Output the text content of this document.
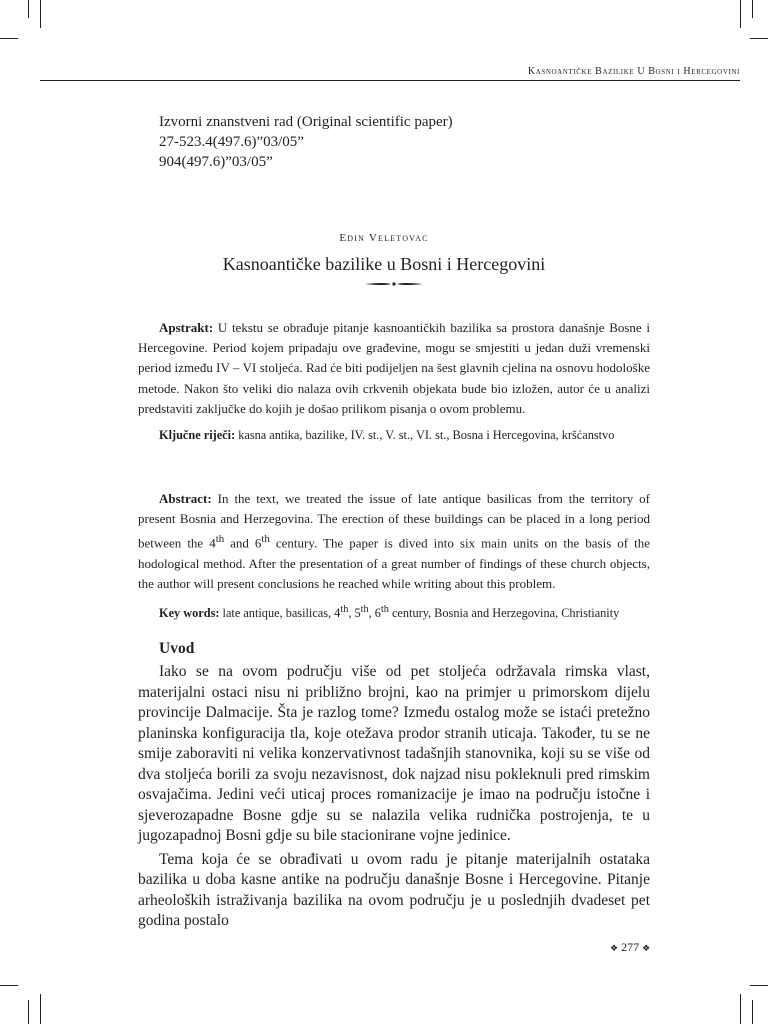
Kasnoantičke Bazilike U Bosni i Hercegovini
Izvorni znanstveni rad (Original scientific paper)
27-523.4(497.6)”03/05”
904(497.6)”03/05”
Edin Veletovac
Kasnoantičke bazilike u Bosni i Hercegovini

Apstrakt: U tekstu se obrađuje pitanje kasnoantičkih bazilika sa prostora današnje Bosne i Hercegovine. Period kojem pripadaju ove građevine, mogu se smjestiti u jedan duži vremenski period između IV – VI stoljeća. Rad će biti podijeljen na šest glavnih cjelina na osnovu hodološke metode. Nakon što veliki dio nalaza ovih crkvenih objekata bude bio izložen, autor će u analizi predstaviti zaključke do kojih je došao prilikom pisanja o ovom problemu.

Ključne riječi: kasna antika, bazilike, IV. st., V. st., VI. st., Bosna i Hercegovina, kršćanstvo

Abstract: In the text, we treated the issue of late antique basilicas from the territory of present Bosnia and Herzegovina. The erection of these buildings can be placed in a long period between the 4th and 6th century. The paper is dived into six main units on the basis of the hodological method. After the presentation of a great number of findings of these church objects, the author will present conclusions he reached while writing about this problem.

Key words: late antique, basilicas, 4th, 5th, 6th century, Bosnia and Herzegovina, Christianity

Uvod

Iako se na ovom području više od pet stoljeća održavala rimska vlast, materijalni ostaci nisu ni približno brojni, kao na primjer u primorskom dijelu provincije Dalmacije. Šta je razlog tome? Između ostalog može se istaći pretežno planinska konfiguracija tla, koje otežava prodor stranih uticaja. Također, tu se ne smije zaboraviti ni velika konzervativnost tadašnjih stanovnika, koji su se više od dva stoljeća borili za svoju nezavisnost, dok najzad nisu pokleknuli pred rimskim osvajačima. Jedini veći uticaj proces romanizacije je imao na području istočne i sjeverozapadne Bosne gdje su se nalazila velika rudnička postrojenja, te u jugozapadnoj Bosni gdje su bile stacionirane vojne jedinice.

Tema koja će se obrađivati u ovom radu je pitanje materijalnih ostataka bazilika u doba kasne antike na području današnje Bosne i Hercegovine. Pitanje arheoloških istraživanja bazilika na ovom području je u poslednjih dvadeset pet godina postalo

❖ 277 ❖
